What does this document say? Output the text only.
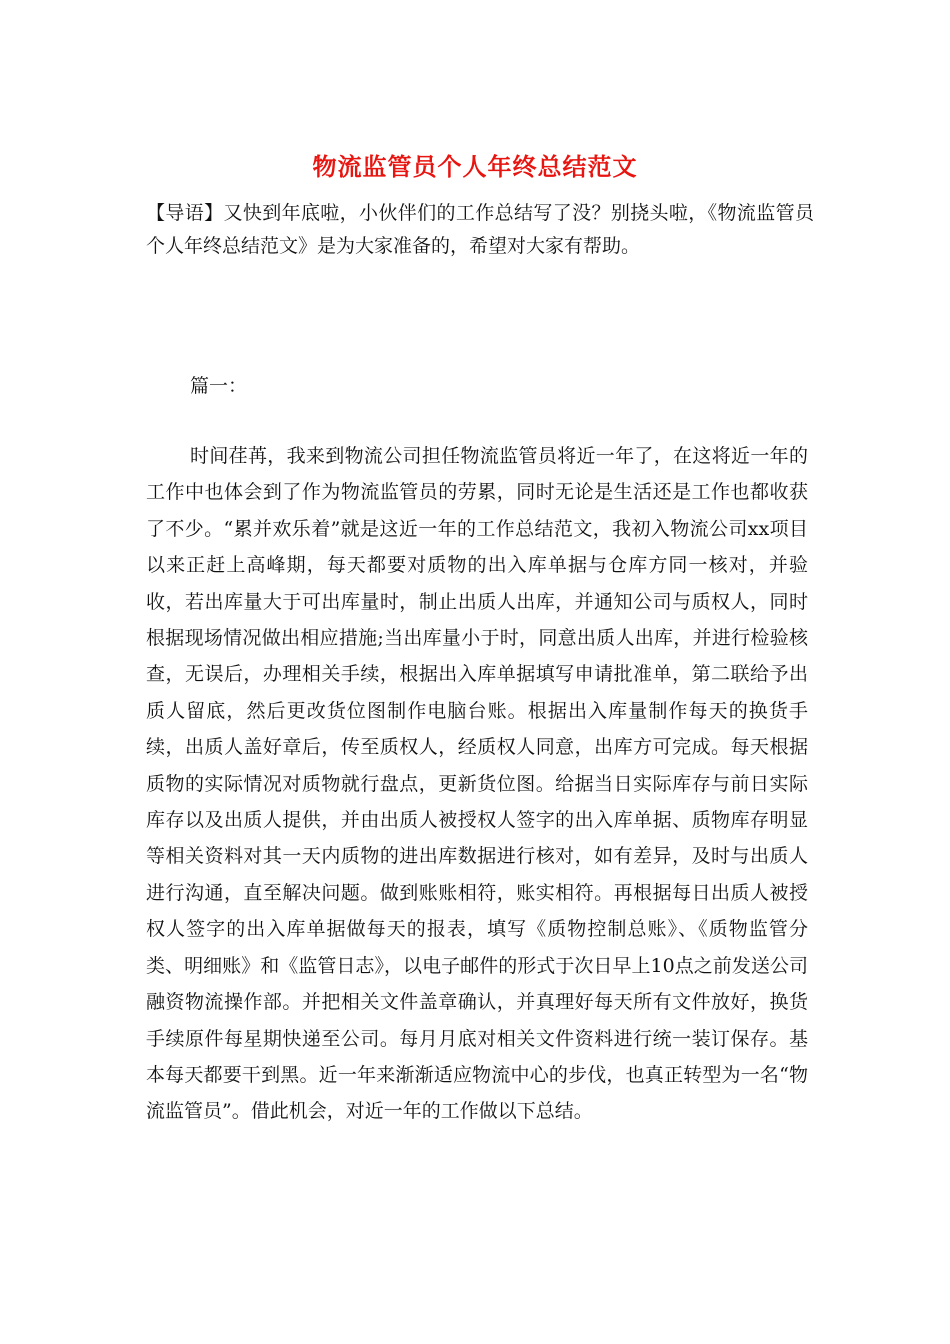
物流监管员个人年终总结范文
【导语】又快到年底啦，小伙伴们的工作总结写了没？别挠头啦，《物流监管员个人年终总结范文》是为大家准备的，希望对大家有帮助。
篇一：

时间荏苒，我来到物流公司担任物流监管员将近一年了，在这将近一年的工作中也体会到了作为物流监管员的劳累，同时无论是生活还是工作也都收获了不少。“累并欢乐着”就是这近一年的工作总结范文，我初入物流公司xx项目以来正赶上高峰期，每天都要对质物的出入库单据与仓库方同一核对，并验收，若出库量大于可出库量时，制止出质人出库，并通知公司与质权人，同时根据现场情况做出相应措施;当出库量小于时，同意出质人出库，并进行检验核查，无误后，办理相关手续，根据出入库单据填写申请批准单，第二联给予出质人留底，然后更改货位图制作电脑台账。根据出入库量制作每天的换货手续，出质人盖好章后，传至质权人，经质权人同意，出库方可完成。每天根据质物的实际情况对质物就行盘点，更新货位图。给据当日实际库存与前日实际库存以及出质人提供，并由出质人被授权人签字的出入库单据、质物库存明显等相关资料对其一天内质物的进出库数据进行核对，如有差异，及时与出质人进行沟通，直至解决问题。做到账账相符，账实相符。再根据每日出质人被授权人签字的出入库单据做每天的报表，填写《质物控制总账》、《质物监管分类、明细账》和《监管日志》，以电子邮件的形式于次日早上10点之前发送公司融资物流操作部。并把相关文件盖章确认，并真理好每天所有文件放好，换货手续原件每星期快递至公司。每月月底对相关文件资料进行统一装订保存。基本每天都要干到黑。近一年来渐渐适应物流中心的步伐，也真正转型为一名“物流监管员”。借此机会，对近一年的工作做以下总结。
